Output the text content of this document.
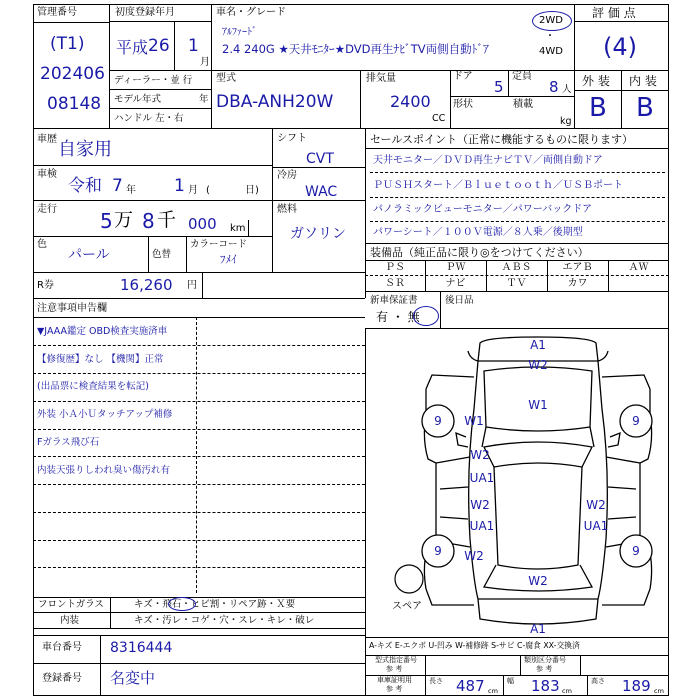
管理番号
(T1)
202406
08148
初度登録年月
平成 26 1
月
車名・グレード
ｱﾙﾌｧｰﾄﾞ
2.4 240G ★天井ﾓﾆﾀｰ★DVD再生ﾅﾋﾞTV両側自動ﾄﾞｱ
2WD
・
4WD
評 価 点
(4)
ディーラー・並 行
モデル年式	年
ハンドル 左・右
型式
DBA-ANH20W
排気量
2400
CC
ドア
5
定員
8 人
形状	積載
kg
外 装 内 装
B B
車歴 自家用
車検
令和 7 年 1 月 (	日)
走行 5 万 8 千 000 km
色
パール	色替
カラーコード
ﾌﾒｲ
シフト
CVT
冷房
WAC
燃料
ガソリン
R券	16,260 円
セールスポイント（正常に機能するものに限ります）
天井モニター／ＤＶＤ再生ナビＴＶ／両側自動ドア
ＰＵＳＨスタート／Ｂｌｕｅｔｏｏｔｈ／ＵＳＢポート
パノラミックビューモニター／パワーバックドア
パワーシート／１００Ｖ電源／８人乗／後期型
装備品（純正品に限り◎をつけてください）
ＰＳ	ＰＷ	ＡＢＳ	エアＢ	ＡＷ
ＳＲ	ナビ	ＴＶ	カワ
新車保証書
有 ・ 無
後日品
注意事項申告欄
▼JAAA鑑定 OBD検査実施済車
【修復歴】なし 【機関】正常
(出品票に検査結果を転記)
外装 小Ａ小Ｕタッチアップ補修
Fガラス飛び石
内装天張りしわれ臭い傷汚れ有
フロントガラス	キズ・飛石・ヒビ割・リペア跡・Ｘ要
内装	キズ・汚レ・コゲ・穴・スレ・キレ・破レ
車台番号 8316444
登録番号 名変中
A1
W2
W1
9	9
W1
W2
UA1
W2
UA1
W2
UA1
9	9
W2
W2
A1
スペア
A-キズ E-エクボ U-凹み W-補修跡 S-サビ C-腐食 XX-交換済
型式指定番号
参 考
類別区分番号
参 考
車庫証明用
参 考
長さ 487 cm
幅 183 cm
高さ 189 cm
